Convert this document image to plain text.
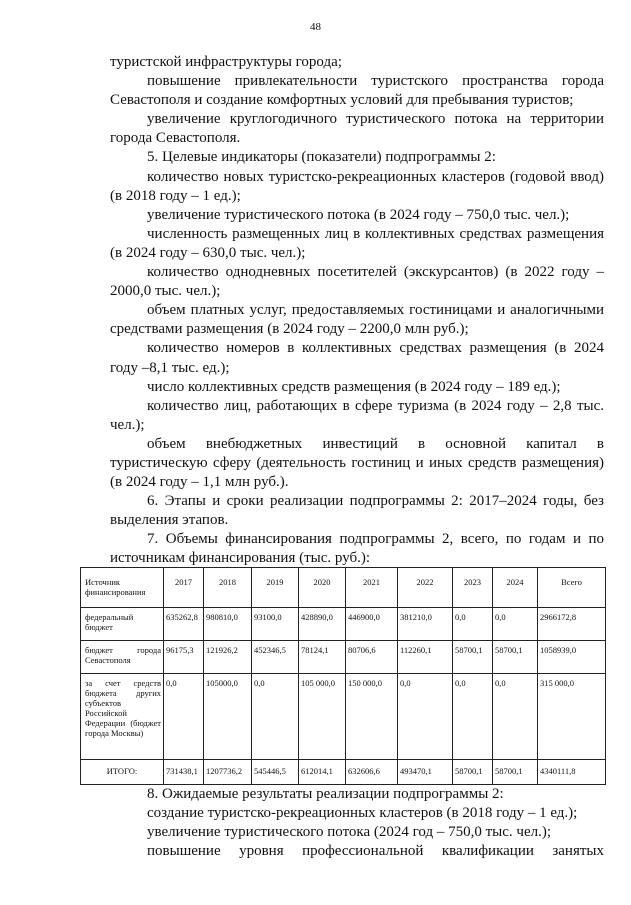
48

туристской инфраструктуры города;

повышение привлекательности туристского пространства города Севастополя и создание комфортных условий для пребывания туристов;

увеличение круглогодичного туристического потока на территории города Севастополя.

5. Целевые индикаторы (показатели) подпрограммы 2:

количество новых туристско-рекреационных кластеров (годовой ввод) (в 2018 году – 1 ед.);

увеличение туристического потока (в 2024 году – 750,0 тыс. чел.);

численность размещенных лиц в коллективных средствах размещения (в 2024 году – 630,0 тыс. чел.);

количество однодневных посетителей (экскурсантов) (в 2022 году – 2000,0 тыс. чел.);

объем платных услуг, предоставляемых гостиницами и аналогичными средствами размещения (в 2024 году – 2200,0 млн руб.);

количество номеров в коллективных средствах размещения (в 2024 году –8,1 тыс. ед.);

число коллективных средств размещения (в 2024 году – 189 ед.);

количество лиц, работающих в сфере туризма (в 2024 году – 2,8 тыс. чел.);

объем внебюджетных инвестиций в основной капитал в туристическую сферу (деятельность гостиниц и иных средств размещения) (в 2024 году – 1,1 млн руб.).

6. Этапы и сроки реализации подпрограммы 2: 2017–2024 годы, без выделения этапов.

7. Объемы финансирования подпрограммы 2, всего, по годам и по источникам финансирования (тыс. руб.):

Источник финансирования	2017	2018	2019	2020	2021	2022	2023	2024	Всего
федеральный бюджет	635262,8	980810,0	93100,0	428890,0	446900,0	381210,0	0,0	0,0	2966172,8
бюджет города Севастополя	96175,3	121926,2	452346,5	78124,1	80706,6	112260,1	58700,1	58700,1	1058939,0
за счет средств бюджета других субъектов Российской Федерации (бюджет города Москвы)	0,0	105000,0	0,0	105 000,0	150 000,0	0,0	0,0	0,0	315 000,0
ИТОГО:	731438,1	1207736,2	545446,5	612014,1	632606,6	493470,1	58700,1	58700,1	4340111,8

8. Ожидаемые результаты реализации подпрограммы 2:

создание туристско-рекреационных кластеров (в 2018 году – 1 ед.);

увеличение туристического потока (2024 год – 750,0 тыс. чел.);

повышение уровня профессиональной квалификации занятых
